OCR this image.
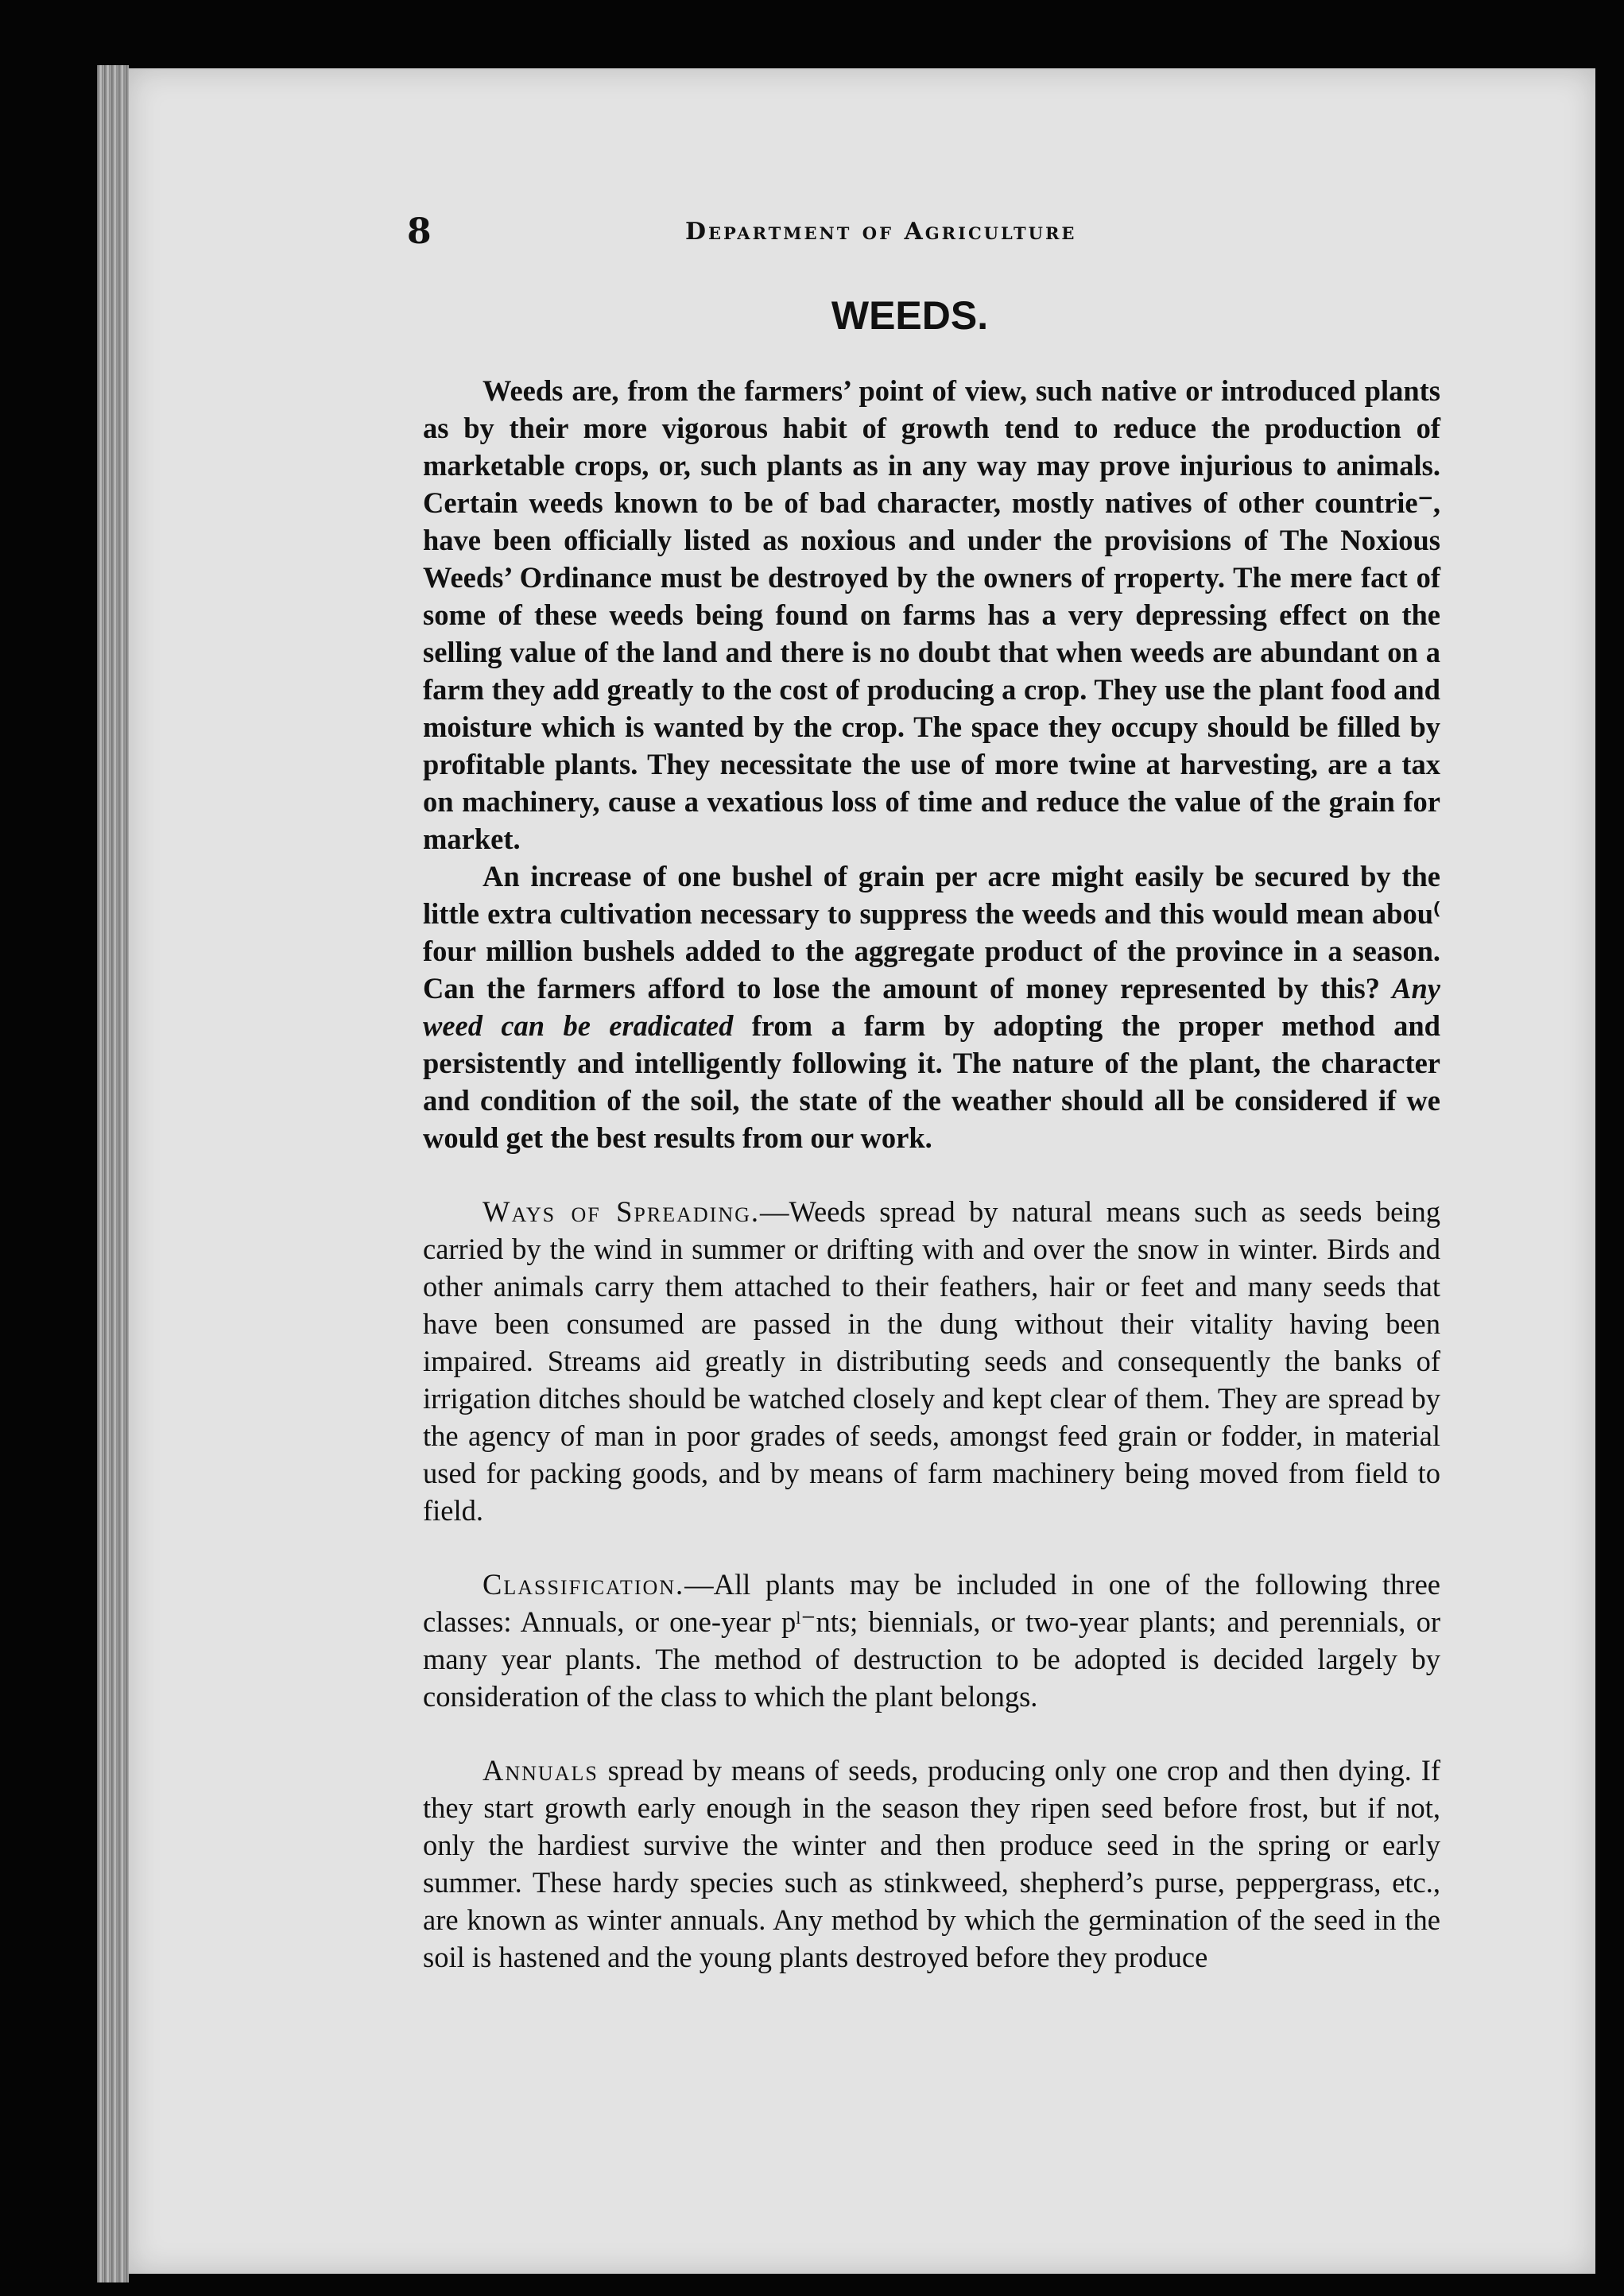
8	Department of Agriculture
WEEDS.

Weeds are, from the farmers’ point of view, such native or introduced plants as by their more vigorous habit of growth tend to reduce the production of marketable crops, or, such plants as in any way may prove injurious to animals. Certain weeds known to be of bad character, mostly natives of other countrie⁻, have been officially listed as noxious and under the provisions of The Noxious Weeds’ Ordinance must be destroyed by the owners of ɼroperty. The mere fact of some of these weeds being found on farms has a very depressing effect on the selling value of the land and there is no doubt that when weeds are abundant on a farm they add greatly to the cost of producing a crop. They use the plant food and moisture which is wanted by the crop. The space they occupy should be filled by profitable plants. They necessitate the use of more twine at harvesting, are a tax on machinery, cause a vexatious loss of time and reduce the value of the grain for market.

An increase of one bushel of grain per acre might easily be secured by the little extra cultivation necessary to suppress the weeds and this would mean abou⁽ four million bushels added to the aggregate product of the province in a season. Can the farmers afford to lose the amount of money represented by this? Any weed can be eradicated from a farm by adopting the proper method and persistently and intelligently following it. The nature of the plant, the character and condition of the soil, the state of the weather should all be considered if we would get the best results from our work.

Ways of Spreading.—Weeds spread by natural means such as seeds being carried by the wind in summer or drifting with and over the snow in winter. Birds and other animals carry them attached to their feathers, hair or feet and many seeds that have been consumed are passed in the dung without their vitality having been impaired. Streams aid greatly in distributing seeds and consequently the banks of irrigation ditches should be watched closely and kept clear of them. They are spread by the agency of man in poor grades of seeds, amongst feed grain or fodder, in material used for packing goods, and by means of farm machinery being moved from field to field.

Classification.—All plants may be included in one of the following three classes: Annuals, or one-year pˡ⁻nts; biennials, or two-year plants; and perennials, or many year plants. The method of destruction to be adopted is decided largely by consideration of the class to which the plant belongs.

Annuals spread by means of seeds, producing only one crop and then dying. If they start growth early enough in the season they ripen seed before frost, but if not, only the hardiest survive the winter and then produce seed in the spring or early summer. These hardy species such as stinkweed, shepherd’s purse, peppergrass, etc., are known as winter annuals. Any method by which the germination of the seed in the soil is hastened and the young plants destroyed before they produce
